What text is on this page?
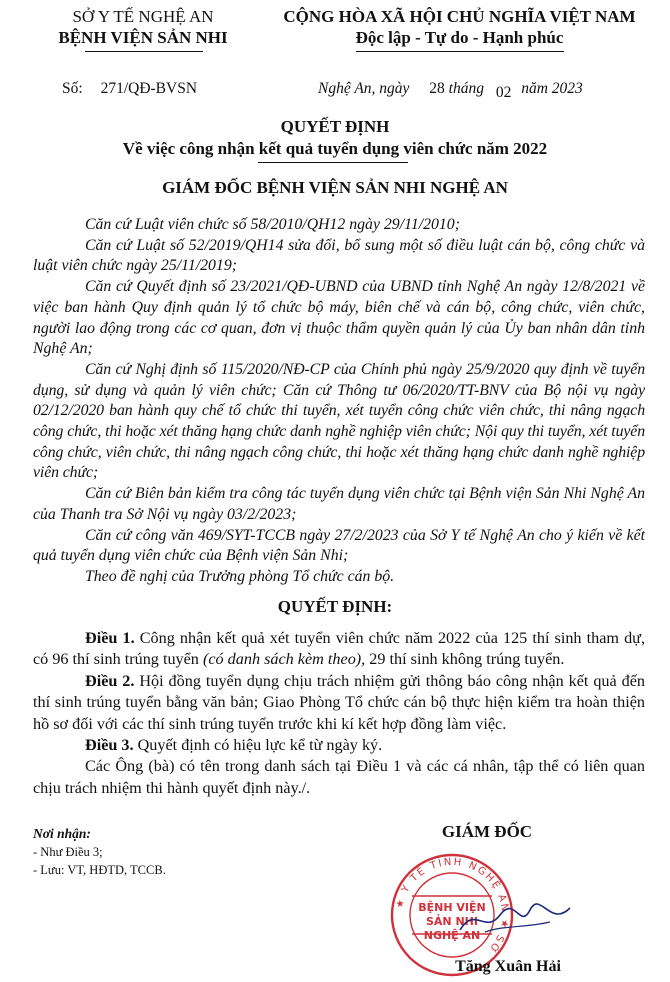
SỞ Y TẾ NGHỆ AN
BỆNH VIỆN SẢN NHI
CỘNG HÒA XÃ HỘI CHỦ NGHĨA VIỆT NAM
Độc lập - Tự do - Hạnh phúc
Số: 271/QĐ-BVSN	Nghệ An, ngày 28 tháng 02 năm 2023
QUYẾT ĐỊNH
Về việc công nhận kết quả tuyển dụng viên chức năm 2022
GIÁM ĐỐC BỆNH VIỆN SẢN NHI NGHỆ AN

Căn cứ Luật viên chức số 58/2010/QH12 ngày 29/11/2010;

Căn cứ Luật số 52/2019/QH14 sửa đổi, bổ sung một số điều luật cán bộ, công chức và luật viên chức ngày 25/11/2019;

Căn cứ Quyết định số 23/2021/QĐ-UBND của UBND tỉnh Nghệ An ngày 12/8/2021 về việc ban hành Quy định quản lý tổ chức bộ máy, biên chế và cán bộ, công chức, viên chức, người lao động trong các cơ quan, đơn vị thuộc thẩm quyền quản lý của Ủy ban nhân dân tỉnh Nghệ An;

Căn cứ Nghị định số 115/2020/NĐ-CP của Chính phủ ngày 25/9/2020 quy định về tuyển dụng, sử dụng và quản lý viên chức; Căn cứ Thông tư 06/2020/TT-BNV của Bộ nội vụ ngày 02/12/2020 ban hành quy chế tổ chức thi tuyển, xét tuyển công chức viên chức, thi nâng ngạch công chức, thi hoặc xét thăng hạng chức danh nghề nghiệp viên chức; Nội quy thi tuyển, xét tuyển công chức, viên chức, thi nâng ngạch công chức, thi hoặc xét thăng hạng chức danh nghề nghiệp viên chức;

Căn cứ Biên bản kiểm tra công tác tuyển dụng viên chức tại Bệnh viện Sản Nhi Nghệ An của Thanh tra Sở Nội vụ ngày 03/2/2023;

Căn cứ công văn 469/SYT-TCCB ngày 27/2/2023 của Sở Y tế Nghệ An cho ý kiến về kết quả tuyển dụng viên chức của Bệnh viện Sản Nhi;

Theo đề nghị của Trưởng phòng Tổ chức cán bộ.

QUYẾT ĐỊNH:

Điều 1. Công nhận kết quả xét tuyển viên chức năm 2022 của 125 thí sinh tham dự, có 96 thí sinh trúng tuyển (có danh sách kèm theo), 29 thí sinh không trúng tuyển.

Điều 2. Hội đồng tuyển dụng chịu trách nhiệm gửi thông báo công nhận kết quả đến thí sinh trúng tuyển bằng văn bản; Giao Phòng Tổ chức cán bộ thực hiện kiểm tra hoàn thiện hồ sơ đối với các thí sinh trúng tuyển trước khi kí kết hợp đồng làm việc.

Điều 3. Quyết định có hiệu lực kể từ ngày ký.

Các Ông (bà) có tên trong danh sách tại Điều 1 và các cá nhân, tập thể có liên quan chịu trách nhiệm thi hành quyết định này./.

Nơi nhận:
- Như Điều 3;
- Lưu: VT, HĐTD, TCCB.
GIÁM ĐỐC
★ Y TẾ TỈNH NGHỆ AN ★ SỞ
BỆNH VIỆN
SẢN NHI
NGHỆ AN
Tăng Xuân Hải
